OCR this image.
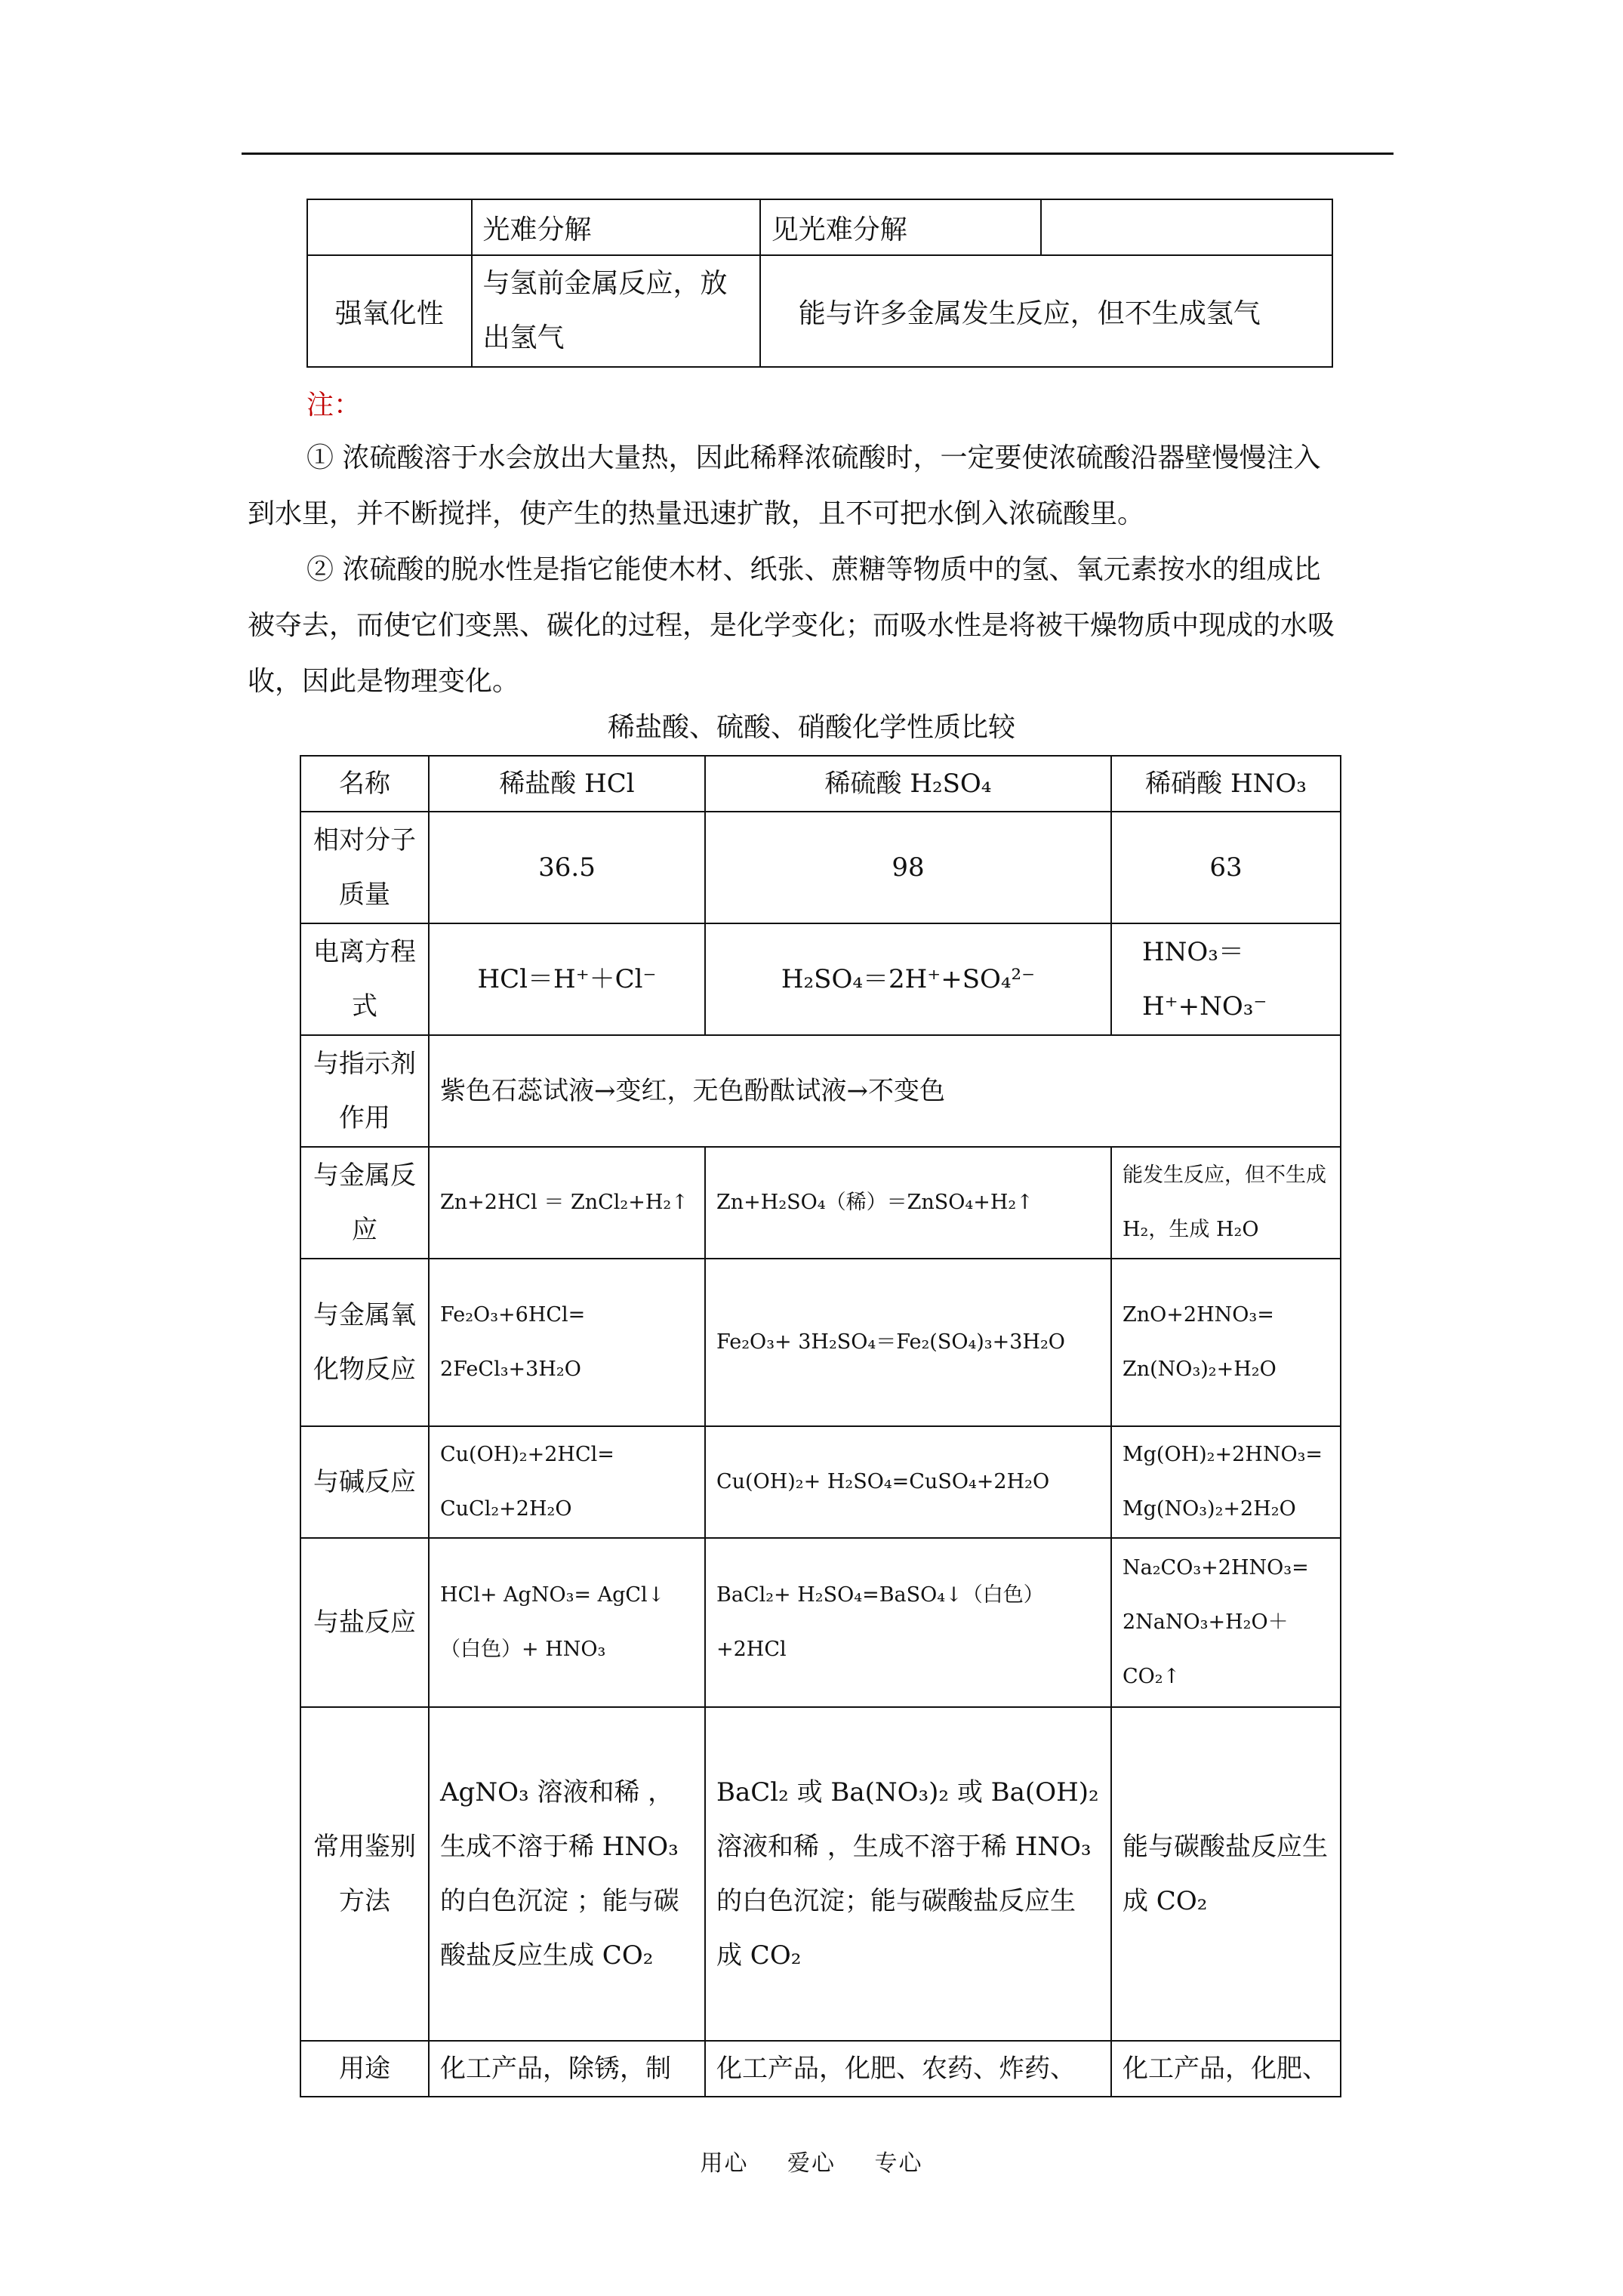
	光难分解	见光难分解	
强氧化性	与氢前金属反应，放出氢气	能与许多金属发生反应，但不生成氢气	
注：
① 浓硫酸溶于水会放出大量热，因此稀释浓硫酸时，一定要使浓硫酸沿器壁慢慢注入
到水里，并不断搅拌，使产生的热量迅速扩散，且不可把水倒入浓硫酸里。
② 浓硫酸的脱水性是指它能使木材、纸张、蔗糖等物质中的氢、氧元素按水的组成比
被夺去，而使它们变黑、碳化的过程，是化学变化；而吸水性是将被干燥物质中现成的水吸
收，因此是物理变化。
稀盐酸、硫酸、硝酸化学性质比较
名称	稀盐酸 HCl	稀硫酸 H₂SO₄	稀硝酸 HNO₃
相对分子质量	36.5	98	63
电离方程式	HCl＝H⁺＋Cl⁻	H₂SO₄＝2H⁺+SO₄²⁻	HNO₃＝H⁺+NO₃⁻
与指示剂作用	紫色石蕊试液→变红，无色酚酞试液→不变色		
与金属反应	Zn+2HCl ＝ ZnCl₂+H₂↑	Zn+H₂SO₄（稀）＝ZnSO₄+H₂↑	能发生反应，但不生成 H₂，生成 H₂O
与金属氧化物反应	Fe₂O₃+6HCl= 2FeCl₃+3H₂O	Fe₂O₃+ 3H₂SO₄＝Fe₂(SO₄)₃+3H₂O	ZnO+2HNO₃= Zn(NO₃)₂+H₂O
与碱反应	Cu(OH)₂+2HCl= CuCl₂+2H₂O	Cu(OH)₂+ H₂SO₄=CuSO₄+2H₂O	Mg(OH)₂+2HNO₃= Mg(NO₃)₂+2H₂O
与盐反应	HCl+ AgNO₃= AgCl↓（白色）+ HNO₃	BaCl₂+ H₂SO₄=BaSO₄↓（白色）+2HCl	Na₂CO₃+2HNO₃= 2NaNO₃+H₂O＋CO₂↑
常用鉴别方法	AgNO₃ 溶液和稀 ，生成不溶于稀 HNO₃ 的白色沉淀 ；能与碳酸盐反应生成 CO₂	BaCl₂ 或 Ba(NO₃)₂ 或 Ba(OH)₂ 溶液和稀 ，生成不溶于稀 HNO₃ 的白色沉淀；能与碳酸盐反应生成 CO₂	能与碳酸盐反应生成 CO₂
用途	化工产品，除锈，制	化工产品，化肥、农药、炸药、	化工产品，化肥、
用心 爱心 专心
